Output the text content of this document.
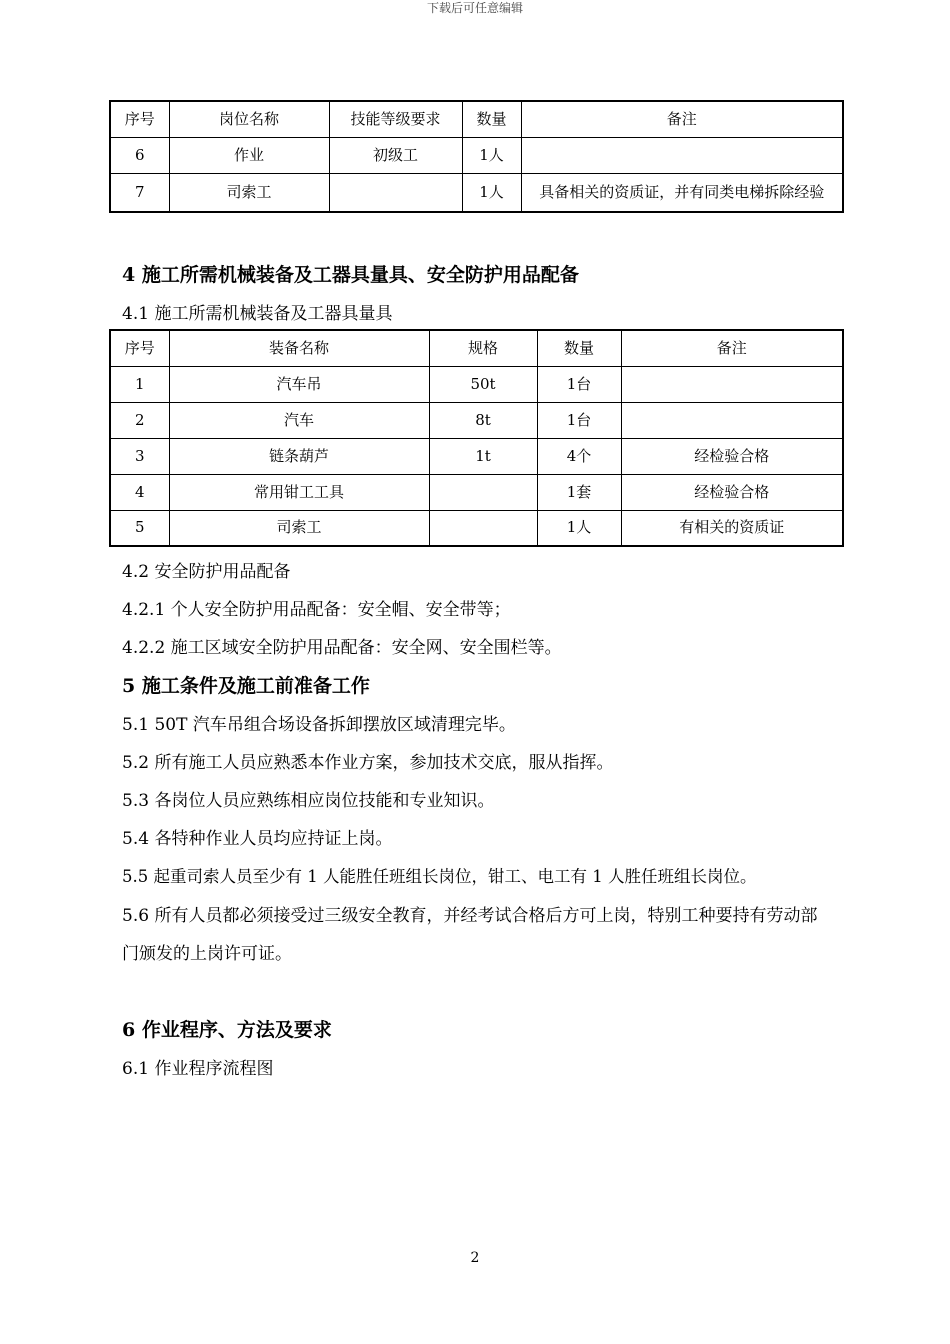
下载后可任意编辑
序号	岗位名称	技能等级要求	数量	备注
6	作业	初级工	1人	
7	司索工		1人	具备相关的资质证，并有同类电梯拆除经验
4 施工所需机械装备及工器具量具、安全防护用品配备
4.1 施工所需机械装备及工器具量具
序号	装备名称	规格	数量	备注
1	汽车吊	50t	1台	
2	汽车	8t	1台	
3	链条葫芦	1t	4个	经检验合格
4	常用钳工工具		1套	经检验合格
5	司索工		1人	有相关的资质证
4.2 安全防护用品配备
4.2.1 个人安全防护用品配备：安全帽、安全带等；
4.2.2 施工区域安全防护用品配备：安全网、安全围栏等。
5 施工条件及施工前准备工作
5.1 50T 汽车吊组合场设备拆卸摆放区域清理完毕。
5.2 所有施工人员应熟悉本作业方案，参加技术交底，服从指挥。
5.3 各岗位人员应熟练相应岗位技能和专业知识。
5.4 各特种作业人员均应持证上岗。
5.5 起重司索人员至少有 1 人能胜任班组长岗位，钳工、电工有 1 人胜任班组长岗位。
5.6 所有人员都必须接受过三级安全教育，并经考试合格后方可上岗，特别工种要持有劳动部门颁发的上岗许可证。
6 作业程序、方法及要求
6.1 作业程序流程图
2
